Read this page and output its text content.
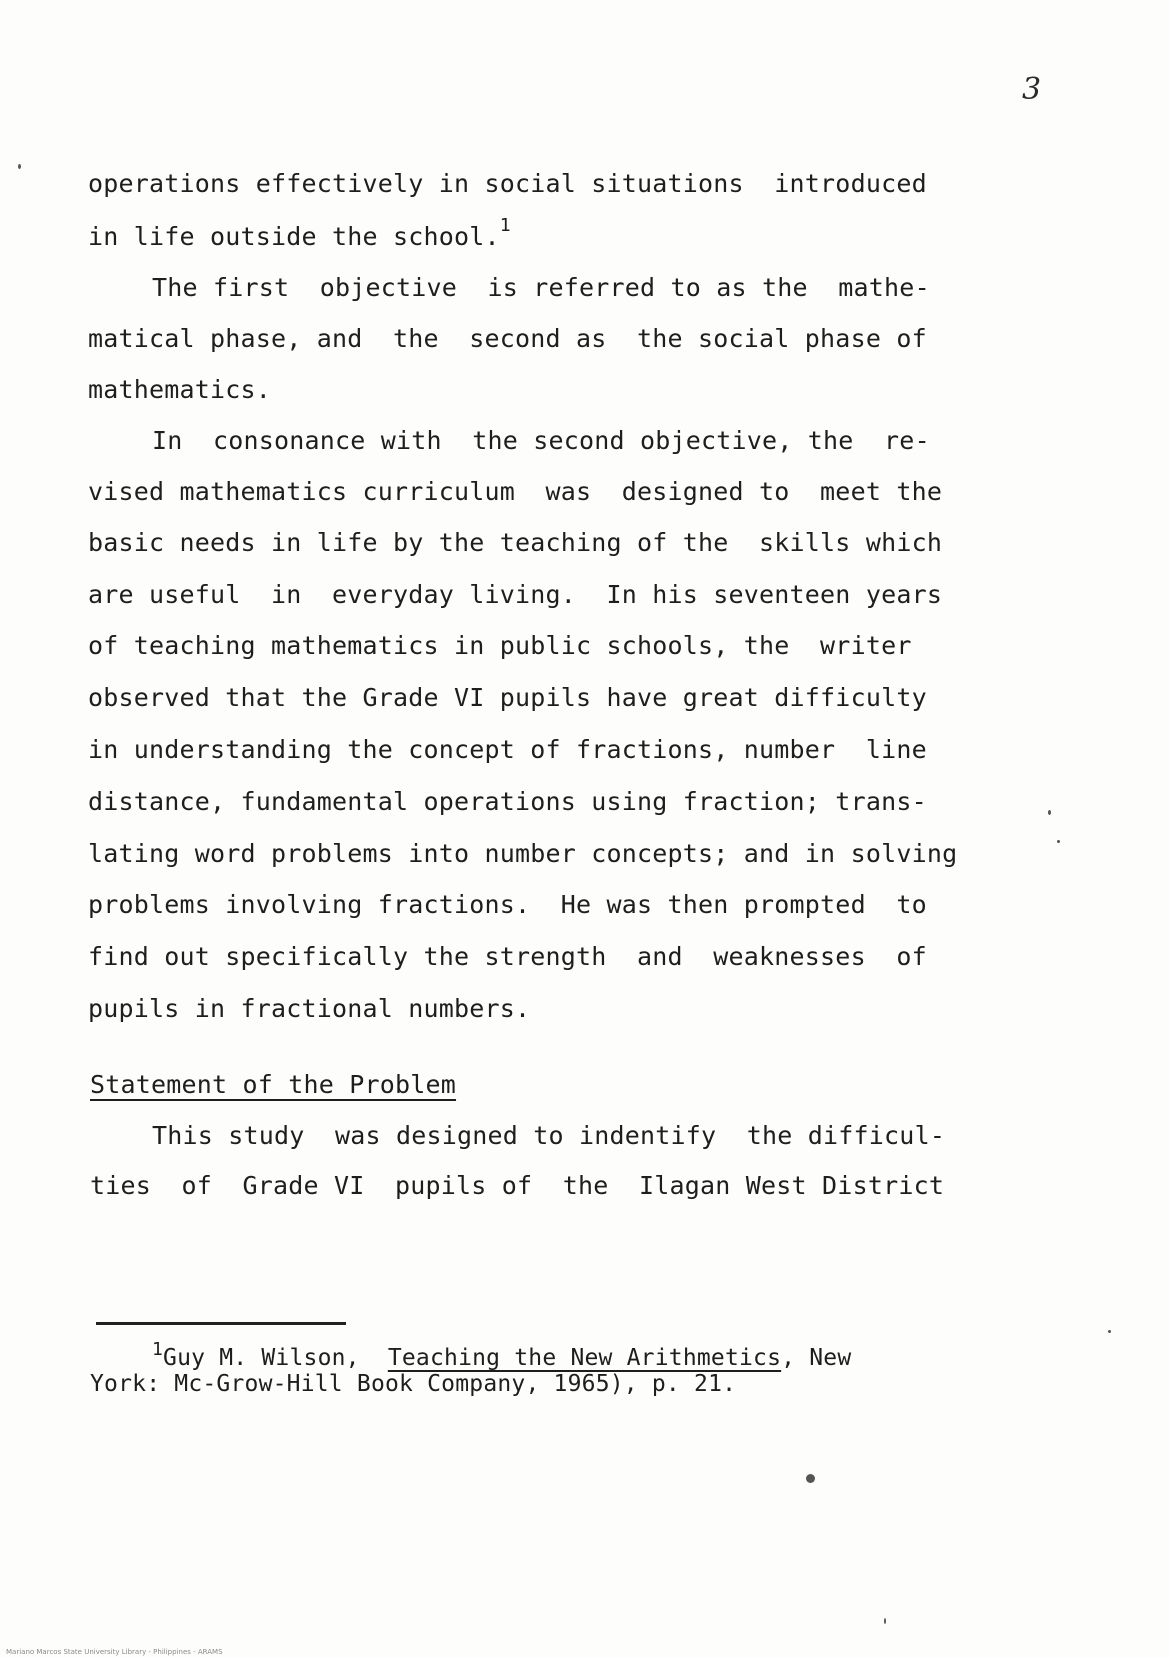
3
operations effectively in social situations  introduced
in life outside the school.$^1$
The first  objective  is referred to as the  mathe-
matical phase, and  the  second as  the social phase of
mathematics.
In  consonance with  the second objective, the  re-
vised mathematics curriculum  was  designed to  meet the
basic needs in life by the teaching of the  skills which
are useful  in  everyday living.  In his seventeen years
of teaching mathematics in public schools, the  writer
observed that the Grade VI pupils have great difficulty
in understanding the concept of fractions, number  line
distance, fundamental operations using fraction; trans-
lating word problems into number concepts; and in solving
problems involving fractions.  He was then prompted  to
find out specifically the strength  and  weaknesses  of
pupils in fractional numbers.
Statement of the Problem
This study  was designed to indentify  the difficul-
ties  of  Grade VI  pupils of  the  Ilagan West District
$^1$Guy M. Wilson, Teaching the New Arithmetics, New
York: Mc-Grow-Hill Book Company, 1965), p. 21.
Mariano Marcos State University Library - Philippines - ARAMS
